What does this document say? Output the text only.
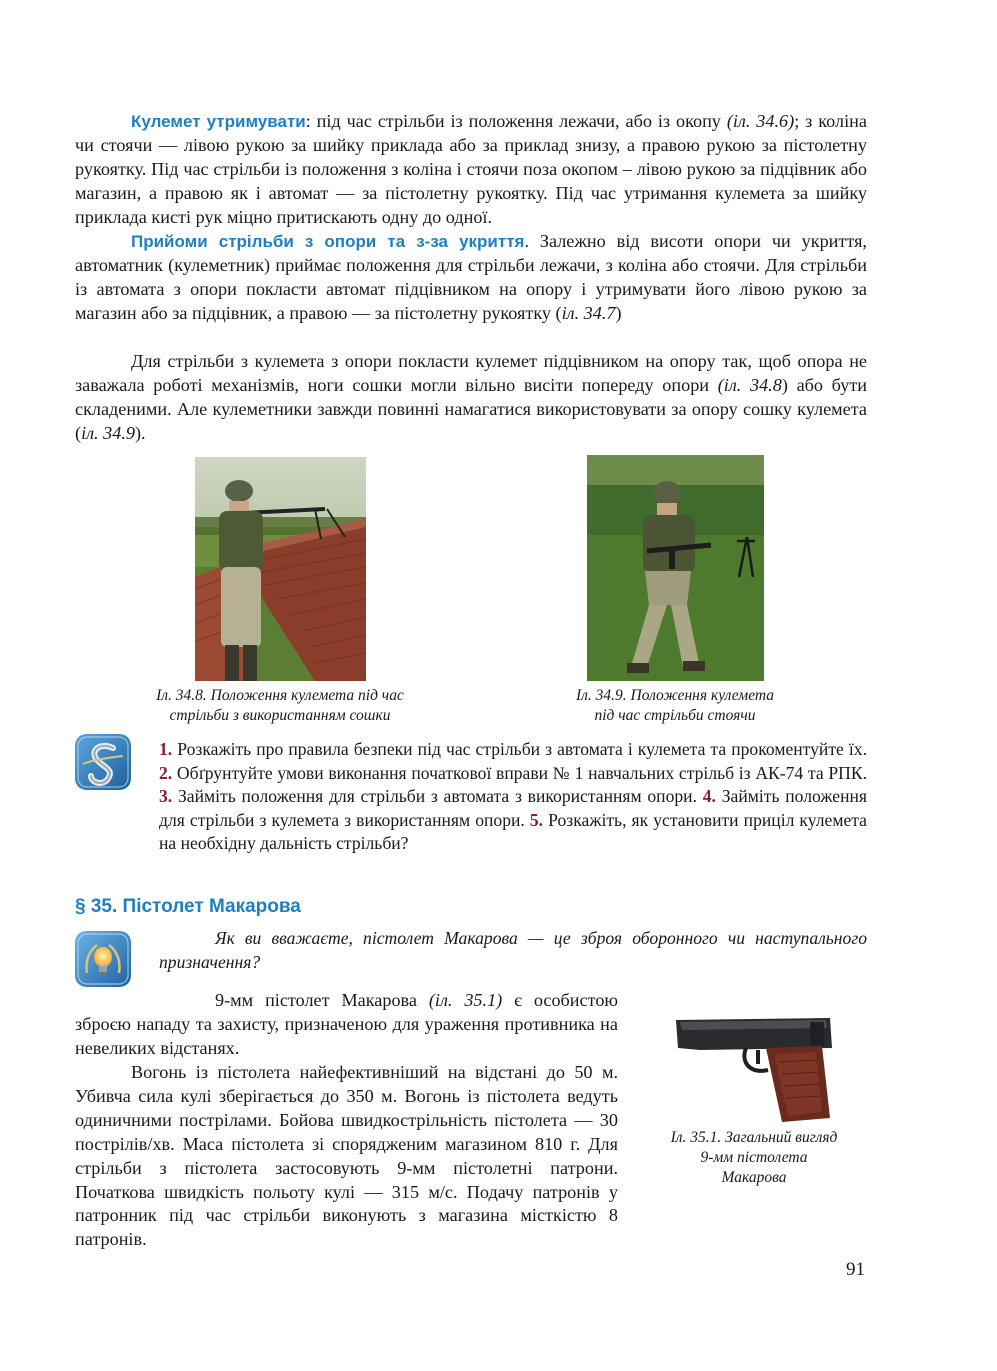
Кулемет утримувати: під час стрільби із положення лежачи, або із окопу (іл. 34.6); з коліна чи стоячи — лівою рукою за шийку приклада або за приклад знизу, а правою рукою за пістолетну рукоятку. Під час стрільби із положення з коліна і стоячи поза окопом – лівою рукою за підцівник або магазин, а правою як і автомат — за пістолетну рукоятку. Під час утримання кулемета за шийку приклада кисті рук міцно притискають одну до одної.

Прийоми стрільби з опори та з-за укриття. Залежно від висоти опори чи укриття, автоматник (кулеметник) приймає положення для стрільби лежачи, з коліна або стоячи. Для стрільби із автомата з опори покласти автомат підцівником на опору і утримувати його лівою рукою за магазин або за підцівник, а правою — за пістолетну рукоятку (іл. 34.7)

Для стрільби з кулемета з опори покласти кулемет підцівником на опору так, щоб опора не заважала роботі механізмів, ноги сошки могли вільно висіти попереду опори (іл. 34.8) або бути складеними. Але кулеметники завжди повинні намагатися використовувати за опору сошку кулемета (іл. 34.9).

Іл. 34.8. Положення кулемета під час
стрільби з використанням сошки
Іл. 34.9. Положення кулемета
під час стрільби стоячи

1. Розкажіть про правила безпеки під час стрільби з автомата і кулемета та прокоментуйте їх. 2. Обґрунтуйте умови виконання початкової вправи № 1 навчальних стрільб із АК-74 та РПК. 3. Займіть положення для стрільби з автомата з використанням опори. 4. Займіть положення для стрільби з кулемета з використанням опори. 5. Розкажіть, як установити приціл кулемета на необхідну дальність стрільби?

§ 35. Пістолет Макарова

Як ви вважаєте, пістолет Макарова — це зброя оборонного чи наступального призначення?

9-мм пістолет Макарова (іл. 35.1) є особистою зброєю нападу та захисту, призначеною для ураження противника на невеликих відстанях.

Вогонь із пістолета найефективніший на відстані до 50 м. Убивча сила кулі зберігається до 350 м. Вогонь із пістолета ведуть одиничними пострілами. Бойова швидкострільність пістолета — 30 пострілів/хв. Маса пістолета зі спорядженим магазином 810 г. Для стрільби з пістолета застосовують 9-мм пістолетні патрони. Початкова швидкість польоту кулі — 315 м/с. Подачу патронів у патронник під час стрільби виконують з магазина місткістю 8 патронів.

Іл. 35.1. Загальний вигляд
9-мм пістолета
Макарова
91
